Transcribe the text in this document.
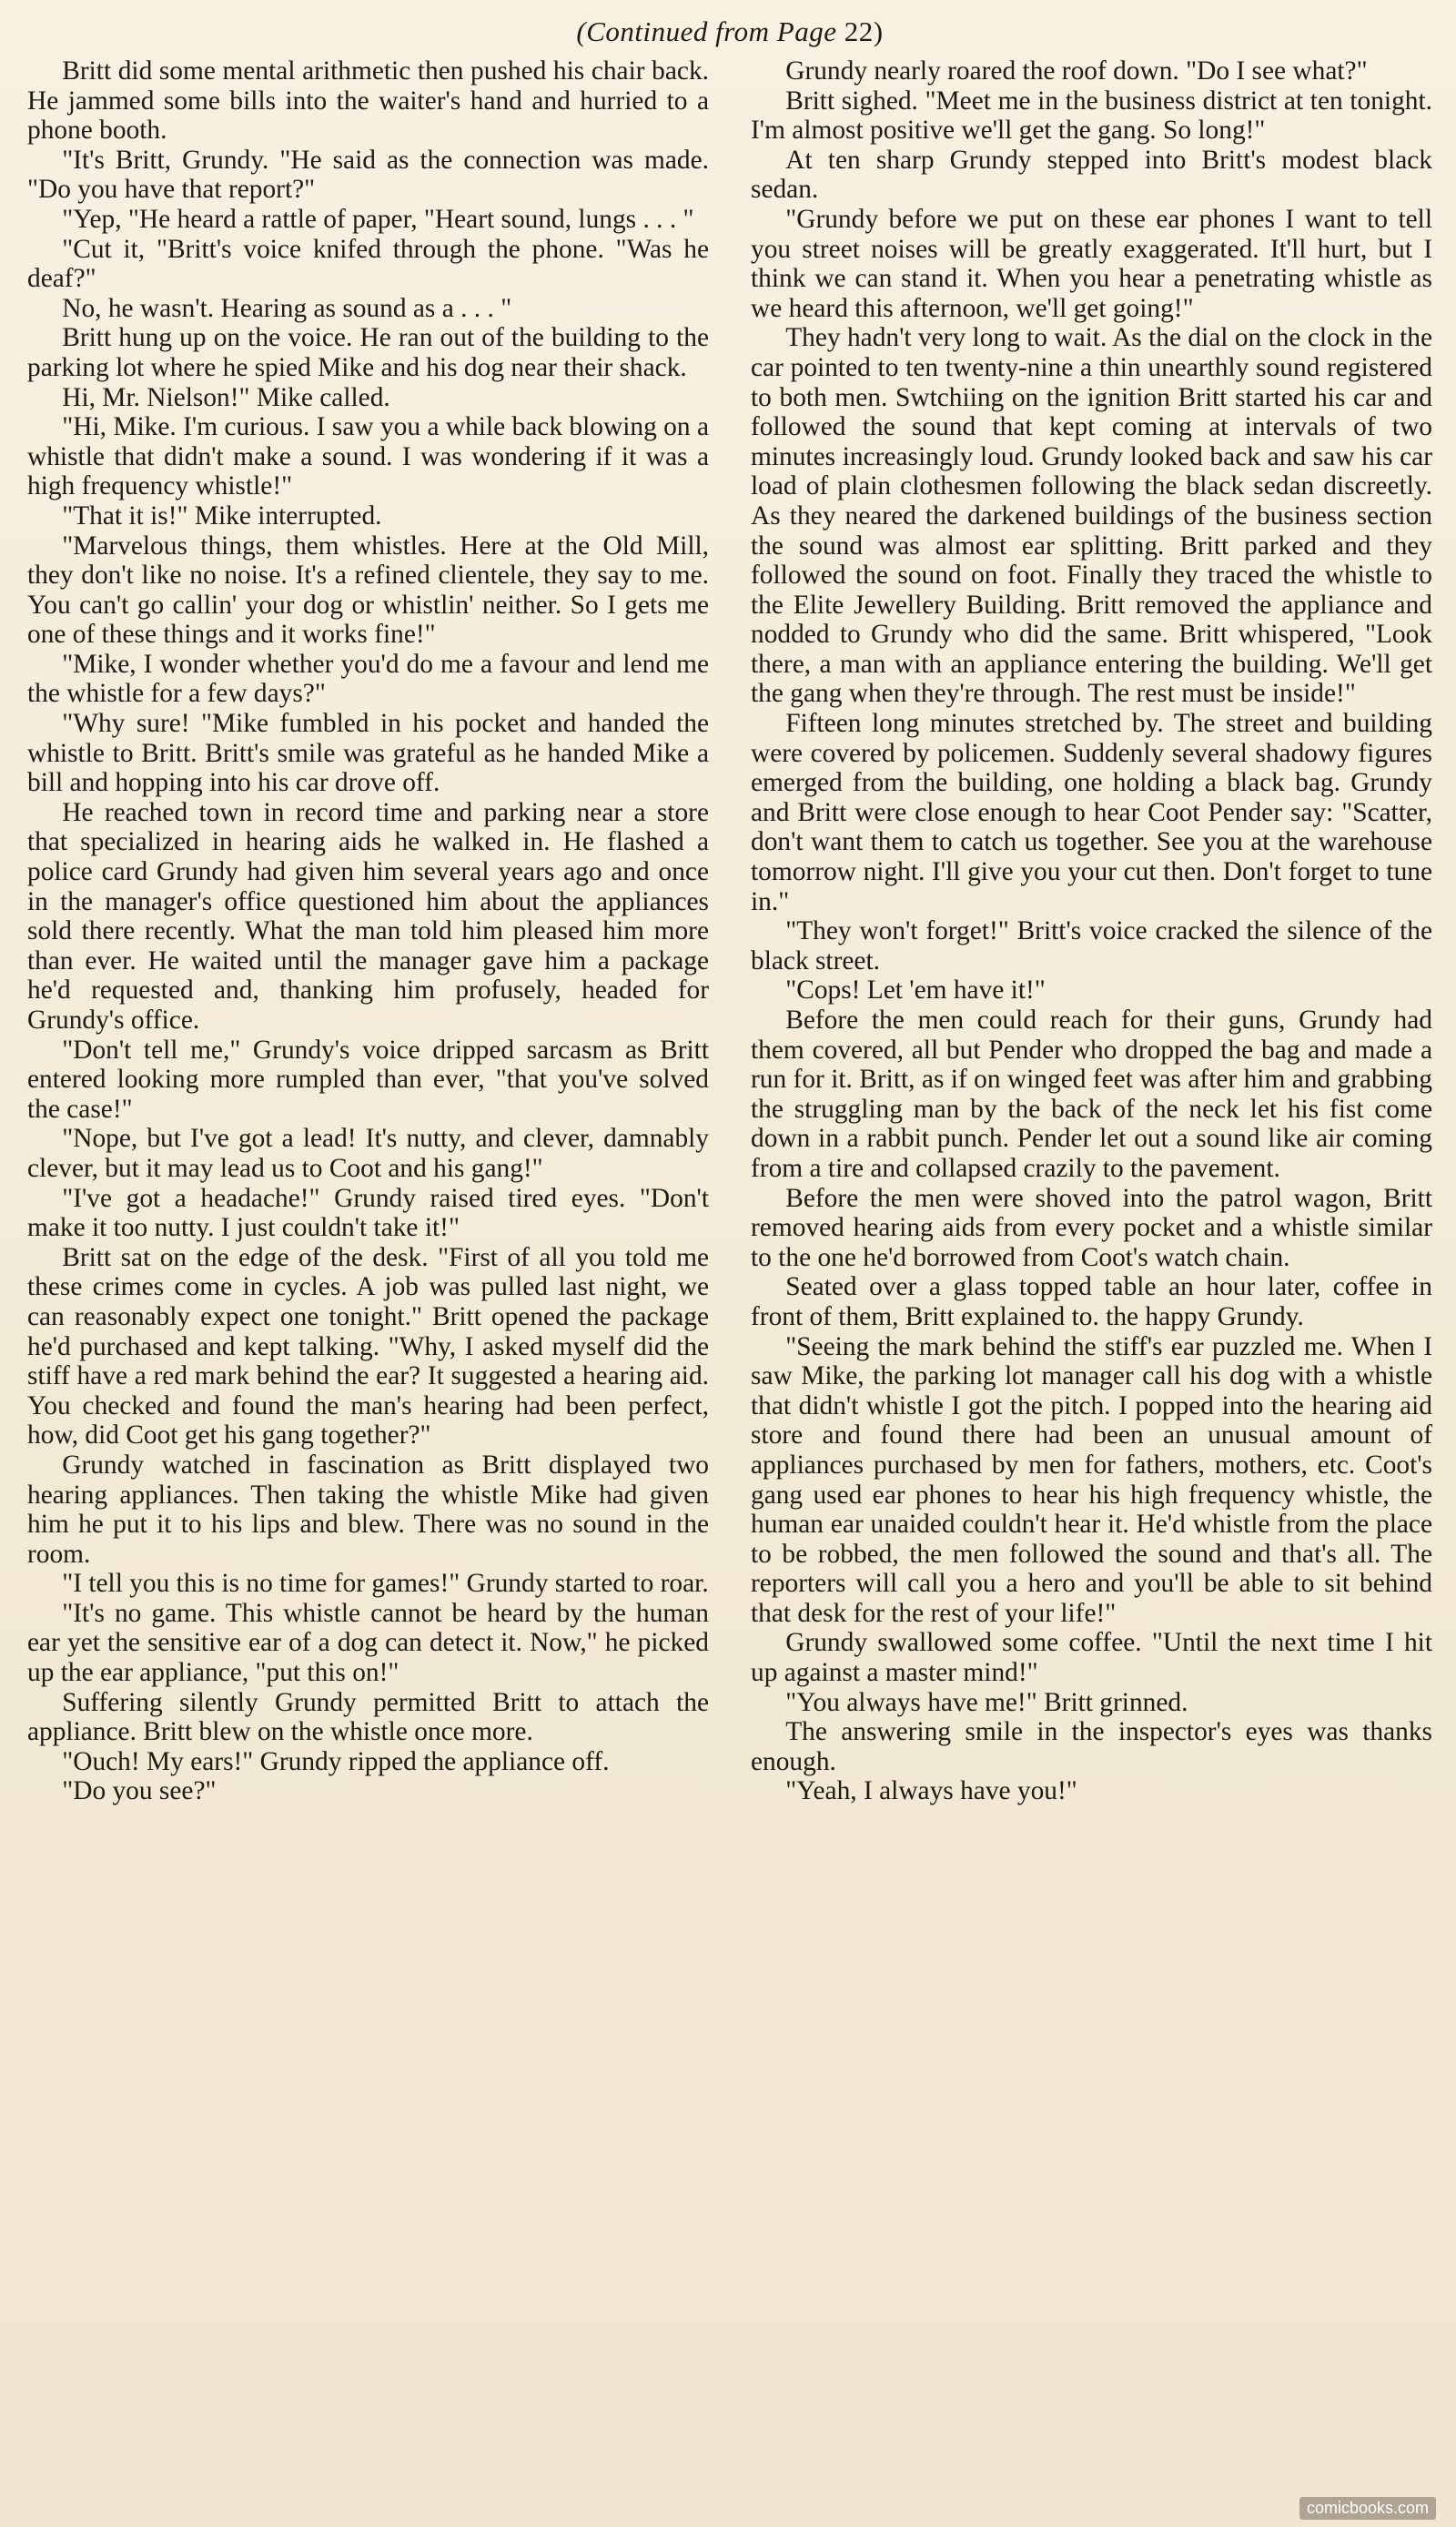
(Continued from Page 22)

Britt did some mental arithmetic then pushed his chair back. He jammed some bills into the waiter's hand and hurried to a phone booth.

"It's Britt, Grundy. "He said as the connection was made. "Do you have that report?"

"Yep, "He heard a rattle of paper, "Heart sound, lungs . . . "

"Cut it, "Britt's voice knifed through the phone. "Was he deaf?"

No, he wasn't. Hearing as sound as a . . . "

Britt hung up on the voice. He ran out of the building to the parking lot where he spied Mike and his dog near their shack.

Hi, Mr. Nielson!" Mike called.

"Hi, Mike. I'm curious. I saw you a while back blowing on a whistle that didn't make a sound. I was wondering if it was a high frequency whistle!"

"That it is!" Mike interrupted.

"Marvelous things, them whistles. Here at the Old Mill, they don't like no noise. It's a refined clientele, they say to me. You can't go callin' your dog or whistlin' neither. So I gets me one of these things and it works fine!"

"Mike, I wonder whether you'd do me a favour and lend me the whistle for a few days?"

"Why sure! "Mike fumbled in his pocket and handed the whistle to Britt. Britt's smile was grateful as he handed Mike a bill and hopping into his car drove off.

He reached town in record time and parking near a store that specialized in hearing aids he walked in. He flashed a police card Grundy had given him several years ago and once in the manager's office questioned him about the appliances sold there recently. What the man told him pleased him more than ever. He waited until the manager gave him a package he'd requested and, thanking him profusely, headed for Grundy's office.

"Don't tell me," Grundy's voice dripped sarcasm as Britt entered looking more rumpled than ever, "that you've solved the case!"

"Nope, but I've got a lead! It's nutty, and clever, damnably clever, but it may lead us to Coot and his gang!"

"I've got a headache!" Grundy raised tired eyes. "Don't make it too nutty. I just couldn't take it!"

Britt sat on the edge of the desk. "First of all you told me these crimes come in cycles. A job was pulled last night, we can reasonably expect one tonight." Britt opened the package he'd purchased and kept talking. "Why, I asked myself did the stiff have a red mark behind the ear? It suggested a hearing aid. You checked and found the man's hearing had been perfect, how, did Coot get his gang together?"

Grundy watched in fascination as Britt displayed two hearing appliances. Then taking the whistle Mike had given him he put it to his lips and blew. There was no sound in the room.

"I tell you this is no time for games!" Grundy started to roar.

"It's no game. This whistle cannot be heard by the human ear yet the sensitive ear of a dog can detect it. Now," he picked up the ear appliance, "put this on!"

Suffering silently Grundy permitted Britt to attach the appliance. Britt blew on the whistle once more.

"Ouch! My ears!" Grundy ripped the appliance off.

"Do you see?"

Grundy nearly roared the roof down. "Do I see what?"

Britt sighed. "Meet me in the business district at ten tonight. I'm almost positive we'll get the gang. So long!"

At ten sharp Grundy stepped into Britt's modest black sedan.

"Grundy before we put on these ear phones I want to tell you street noises will be greatly exaggerated. It'll hurt, but I think we can stand it. When you hear a penetrating whistle as we heard this afternoon, we'll get going!"

They hadn't very long to wait. As the dial on the clock in the car pointed to ten twenty-nine a thin unearthly sound registered to both men. Swtchiing on the ignition Britt started his car and followed the sound that kept coming at intervals of two minutes increasingly loud. Grundy looked back and saw his car load of plain clothesmen following the black sedan discreetly. As they neared the darkened buildings of the business section the sound was almost ear splitting. Britt parked and they followed the sound on foot. Finally they traced the whistle to the Elite Jewellery Building. Britt removed the appliance and nodded to Grundy who did the same. Britt whispered, "Look there, a man with an appliance entering the building. We'll get the gang when they're through. The rest must be inside!"

Fifteen long minutes stretched by. The street and building were covered by policemen. Suddenly several shadowy figures emerged from the building, one holding a black bag. Grundy and Britt were close enough to hear Coot Pender say: "Scatter, don't want them to catch us together. See you at the warehouse tomorrow night. I'll give you your cut then. Don't forget to tune in."

"They won't forget!" Britt's voice cracked the silence of the black street.

"Cops! Let 'em have it!"

Before the men could reach for their guns, Grundy had them covered, all but Pender who dropped the bag and made a run for it. Britt, as if on winged feet was after him and grabbing the struggling man by the back of the neck let his fist come down in a rabbit punch. Pender let out a sound like air coming from a tire and collapsed crazily to the pavement.

Before the men were shoved into the patrol wagon, Britt removed hearing aids from every pocket and a whistle similar to the one he'd borrowed from Coot's watch chain.

Seated over a glass topped table an hour later, coffee in front of them, Britt explained to. the happy Grundy.

"Seeing the mark behind the stiff's ear puzzled me. When I saw Mike, the parking lot manager call his dog with a whistle that didn't whistle I got the pitch. I popped into the hearing aid store and found there had been an unusual amount of appliances purchased by men for fathers, mothers, etc. Coot's gang used ear phones to hear his high frequency whistle, the human ear unaided couldn't hear it. He'd whistle from the place to be robbed, the men followed the sound and that's all. The reporters will call you a hero and you'll be able to sit behind that desk for the rest of your life!"

Grundy swallowed some coffee. "Until the next time I hit up against a master mind!"

"You always have me!" Britt grinned.

The answering smile in the inspector's eyes was thanks enough.

"Yeah, I always have you!"

comicbooks.com
